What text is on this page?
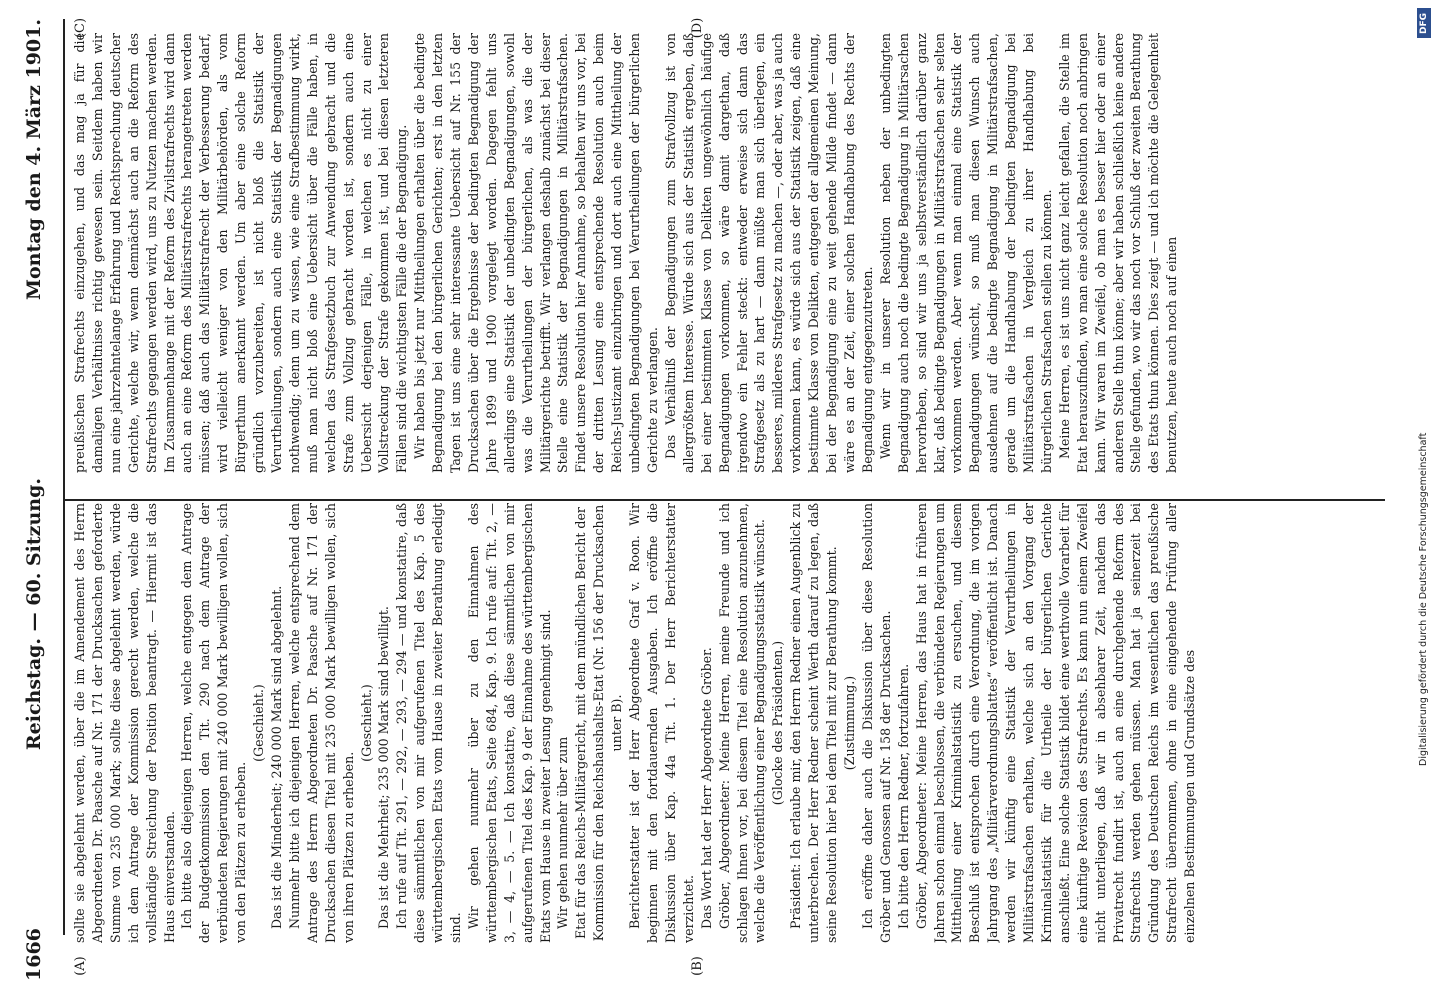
1666
Reichstag. — 60. Sitzung.
Montag den 4. März 1901.
(A)	(B)
(C)	(D)

sollte sie abgelehnt werden, über die im Amendement des Herrn Abgeordneten Dr. Paasche auf Nr. 171 der Drucksachen geforderte Summe von 235 000 Mark; sollte diese abgelehnt werden, würde ich dem Antrage der Kommission gerecht werden, welche die vollständige Streichung der Position beantragt. — Hiermit ist das Haus einverstanden. Ich bitte also diejenigen Herren, welche entgegen dem Antrage der Budgetkommission den Tit. 290 nach dem Antrage der verbündeten Regierungen mit 240 000 Mark bewilligen wollen, sich von den Plätzen zu erheben.

(Geschieht.) Das ist die Minderheit; 240 000 Mark sind abgelehnt. Nunmehr bitte ich diejenigen Herren, welche entsprechend dem Antrage des Herrn Abgeordneten Dr. Paasche auf Nr. 171 der Drucksachen diesen Titel mit 235 000 Mark bewilligen wollen, sich von ihren Plätzen zu erheben.

(Geschieht.) Das ist die Mehrheit; 235 000 Mark sind bewilligt. Ich rufe auf Tit. 291, — 292, — 293, — 294 — und konstatire, daß diese sämmtlichen von mir aufgerufenen Titel des Kap. 5 des württembergischen Etats vom Hause in zweiter Berathung erledigt sind. Wir gehen nunmehr über zu den Einnahmen des württembergischen Etats, Seite 684, Kap. 9. Ich rufe auf: Tit. 2, — 3, — 4, — 5. — Ich konstatire, daß diese sämmtlichen von mir aufgerufenen Titel des Kap. 9 der Einnahme des württembergischen Etats vom Hause in zweiter Lesung genehmigt sind. Wir gehen nunmehr über zum Etat für das Reichs-Militärgericht, mit dem mündlichen Bericht der Kommission für den Reichshaushalts-Etat (Nr. 156 der Drucksachen unter B). Berichterstatter ist der Herr Abgeordnete Graf v. Roon. Wir beginnen mit den fortdauernden Ausgaben. Ich eröffne die Diskussion über Kap. 44a Tit. 1. Der Herr Berichterstatter verzichtet. Das Wort hat der Herr Abgeordnete Gröber. Gröber, Abgeordneter: Meine Herren, meine Freunde und ich schlagen Ihnen vor, bei diesem Titel eine Resolution anzunehmen, welche die Veröffentlichung einer Begnadigungsstatistik wünscht. (Glocke des Präsidenten.) Präsident: Ich erlaube mir, den Herrn Redner einen Augenblick zu unterbrechen. Der Herr Redner scheint Werth darauf zu legen, daß seine Resolution hier bei dem Titel mit zur Berathung kommt. (Zustimmung.) Ich eröffne daher auch die Diskussion über diese Resolution Gröber und Genossen auf Nr. 158 der Drucksachen. Ich bitte den Herrn Redner, fortzufahren. Gröber, Abgeordneter: Meine Herren, das Haus hat in früheren Jahren schon einmal beschlossen, die verbündeten Regierungen um Mittheilung einer Kriminalstatistik zu ersuchen, und diesem Beschluß ist entsprochen durch eine Verordnung, die im vorigen Jahrgang des „Militärverordnungsblattes“ veröffentlicht ist. Danach werden wir künftig eine Statistik der Verurtheilungen in Militärstrafsachen erhalten, welche sich an den Vorgang der Kriminalstatistik für die Urtheile der bürgerlichen Gerichte anschließt. Eine solche Statistik bildet eine werthvolle Vorarbeit für eine künftige Revision des Strafrechts. Es kann nun einem Zweifel nicht unterliegen, daß wir in absehbarer Zeit, nachdem das Privatrecht fundirt ist, auch an eine durchgehende Reform des Strafrechts werden gehen müssen. Man hat ja seinerzeit bei Gründung des Deutschen Reichs im wesentlichen das preußische Strafrecht übernommen, ohne in eine eingehende Prüfung aller einzelnen Bestimmungen und Grundsätze des

preußischen Strafrechts einzugehen, und das mag ja für die damaligen Verhältnisse richtig gewesen sein. Seitdem haben wir nun eine jahrzehntelange Erfahrung und Rechtsprechung deutscher Gerichte, welche wir, wenn demnächst auch an die Reform des Strafrechts gegangen werden wird, uns zu Nutzen machen werden. Im Zusammenhange mit der Reform des Zivilstrafrechts wird dann auch an eine Reform des Militärstrafrechts herangetreten werden müssen; daß auch das Militärstrafrecht der Verbesserung bedarf, wird vielleicht weniger von den Militärbehörden, als vom Bürgerthum anerkannt werden. Um aber eine solche Reform gründlich vorzubereiten, ist nicht bloß die Statistik der Verurtheilungen, sondern auch eine Statistik der Begnadigungen nothwendig; denn um zu wissen, wie eine Strafbestimmung wirkt, muß man nicht bloß eine Uebersicht über die Fälle haben, in welchen das Strafgesetzbuch zur Anwendung gebracht und die Strafe zum Vollzug gebracht worden ist, sondern auch eine Uebersicht derjenigen Fälle, in welchen es nicht zu einer Vollstreckung der Strafe gekommen ist, und bei diesen letzteren Fällen sind die wichtigsten Fälle die der Begnadigung. Wir haben bis jetzt nur Mittheilungen erhalten über die bedingte Begnadigung bei den bürgerlichen Gerichten; erst in den letzten Tagen ist uns eine sehr interessante Uebersicht auf Nr. 155 der Drucksachen über die Ergebnisse der bedingten Begnadigung der Jahre 1899 und 1900 vorgelegt worden. Dagegen fehlt uns allerdings eine Statistik der unbedingten Begnadigungen, sowohl was die Verurtheilungen der bürgerlichen, als was die der Militärgerichte betrifft. Wir verlangen deshalb zunächst bei dieser Stelle eine Statistik der Begnadigungen in Militärstrafsachen. Findet unsere Resolution hier Annahme, so behalten wir uns vor, bei der dritten Lesung eine entsprechende Resolution auch beim Reichs-Justizamt einzubringen und dort auch eine Mittheilung der unbedingten Begnadigungen bei Verurtheilungen der bürgerlichen Gerichte zu verlangen. Das Verhältniß der Begnadigungen zum Strafvollzug ist von allergrößtem Interesse. Würde sich aus der Statistik ergeben, daß bei einer bestimmten Klasse von Delikten ungewöhnlich häufige Begnadigungen vorkommen, so wäre damit dargethan, daß irgendwo ein Fehler steckt: entweder erweise sich dann das Strafgesetz als zu hart — dann müßte man sich überlegen, ein besseres, milderes Strafgesetz zu machen —, oder aber, was ja auch vorkommen kann, es würde sich aus der Statistik zeigen, daß eine bestimmte Klasse von Delikten, entgegen der allgemeinen Meinung, bei der Begnadigung eine zu weit gehende Milde findet — dann wäre es an der Zeit, einer solchen Handhabung des Rechts der Begnadigung entgegenzutreten. Wenn wir in unserer Resolution neben der unbedingten Begnadigung auch noch die bedingte Begnadigung in Militärsachen hervorheben, so sind wir uns ja selbstverständlich darüber ganz klar, daß bedingte Begnadigungen in Militärstrafsachen sehr selten vorkommen werden. Aber wenn man einmal eine Statistik der Begnadigungen wünscht, so muß man diesen Wunsch auch ausdehnen auf die bedingte Begnadigung in Militärstrafsachen, gerade um die Handhabung der bedingten Begnadigung bei Militärstrafsachen in Vergleich zu ihrer Handhabung bei bürgerlichen Strafsachen stellen zu können. Meine Herren, es ist uns nicht ganz leicht gefallen, die Stelle im Etat herauszufinden, wo man eine solche Resolution noch anbringen kann. Wir waren im Zweifel, ob man es besser hier oder an einer anderen Stelle thun könne; aber wir haben schließlich keine andere Stelle gefunden, wo wir das noch vor Schluß der zweiten Berathung des Etats thun können. Dies zeigt — und ich möchte die Gelegenheit benutzen, heute auch noch auf einen

DFG
Digitalisierung gefördert durch die Deutsche Forschungsgemeinschaft
